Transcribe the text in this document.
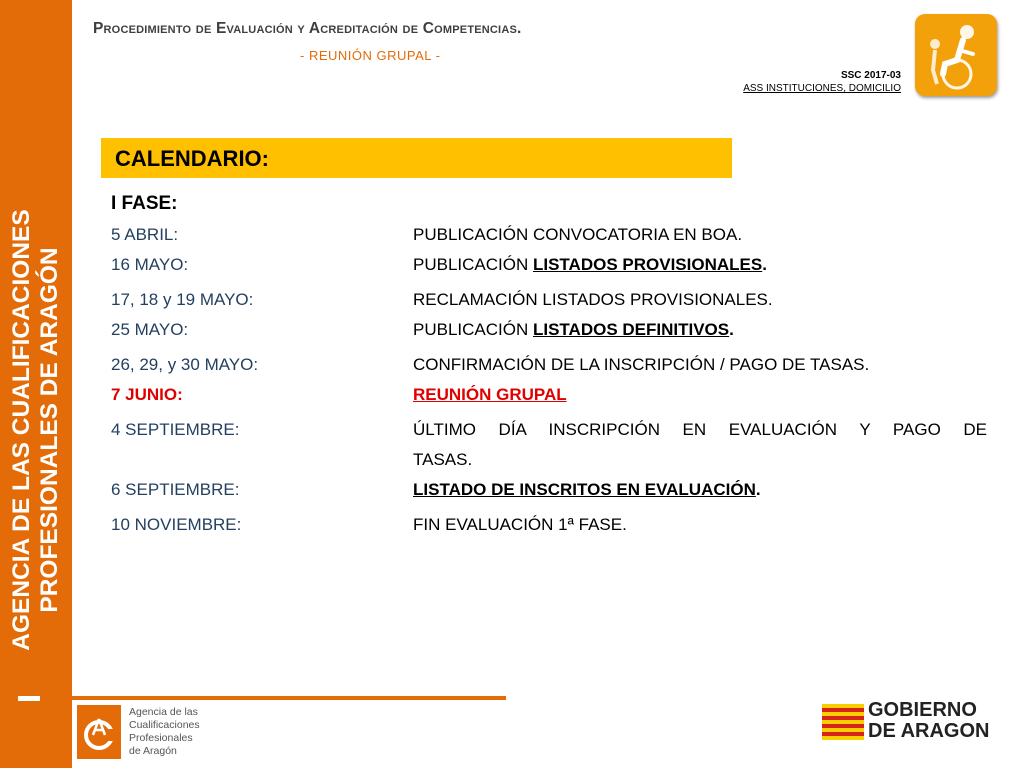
AGENCIA DE LAS CUALIFICACIONES PROFESIONALES DE ARAGÓN
Procedimiento de Evaluación y Acreditación de Competencias.
- REUNIÓN GRUPAL -
SSC 2017-03
ASS INSTITUCIONES, DOMICILIO
CALENDARIO:
I FASE:
5 ABRIL:	PUBLICACIÓN CONVOCATORIA EN BOA.
16 MAYO:	PUBLICACIÓN LISTADOS PROVISIONALES.
17, 18 y 19 MAYO:	RECLAMACIÓN LISTADOS PROVISIONALES.
25 MAYO:	PUBLICACIÓN LISTADOS DEFINITIVOS.
26, 29, y 30 MAYO:	CONFIRMACIÓN DE LA INSCRIPCIÓN / PAGO DE TASAS.
7 JUNIO:	REUNIÓN GRUPAL
4 SEPTIEMBRE:	ÚLTIMO DÍA INSCRIPCIÓN EN EVALUACIÓN Y PAGO DE
TASAS.
6 SEPTIEMBRE:	LISTADO DE INSCRITOS EN EVALUACIÓN.
10 NOVIEMBRE:	FIN EVALUACIÓN 1ª FASE.
Agencia de las
Cualificaciones
Profesionales
de Aragón
GOBIERNO
DE ARAGON
